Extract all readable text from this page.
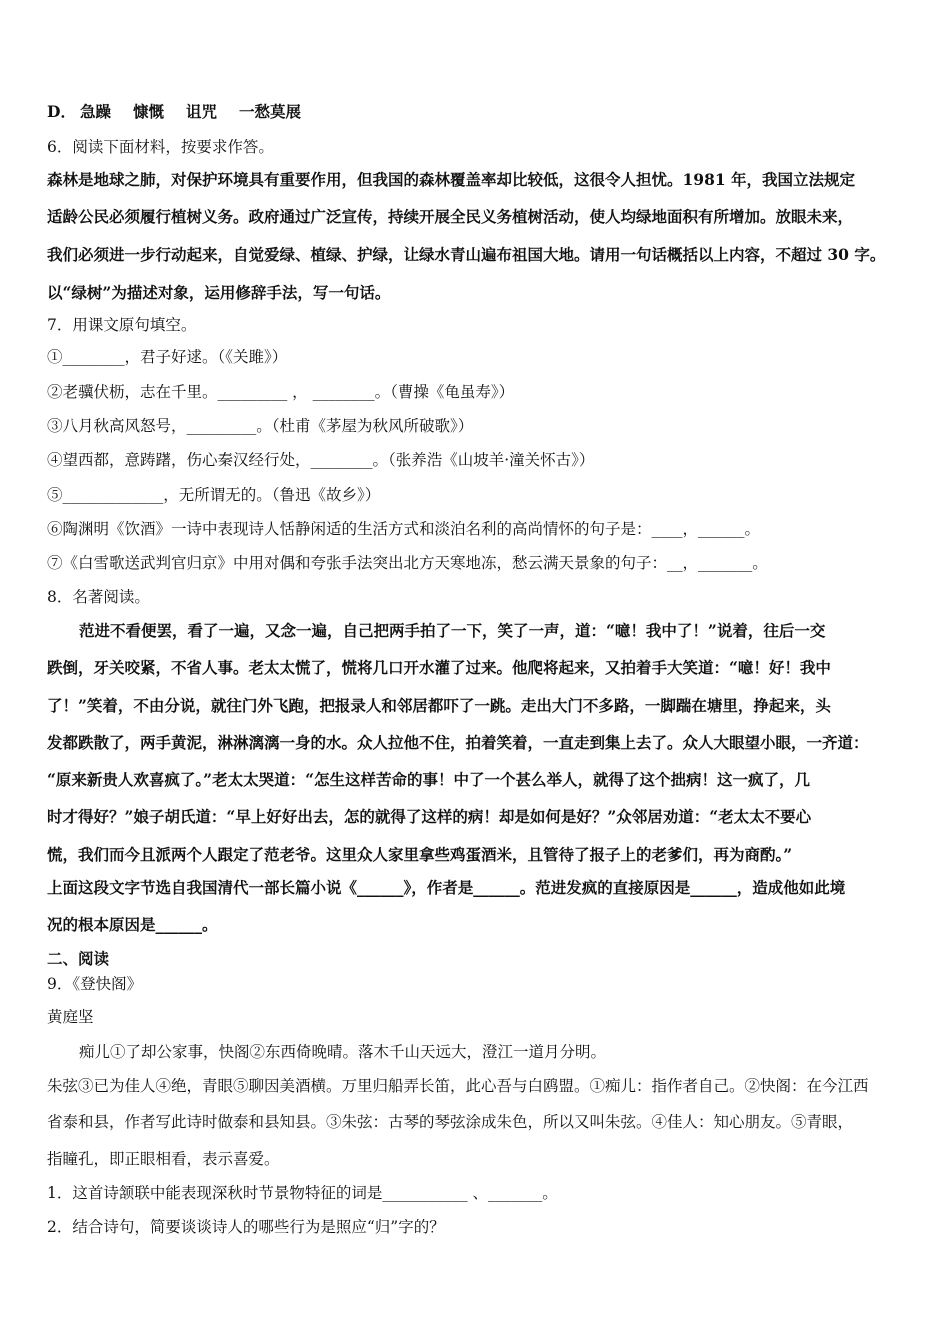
D． 急躁 慷慨 诅咒 一愁莫展
6．阅读下面材料，按要求作答。
森林是地球之肺，对保护环境具有重要作用，但我国的森林覆盖率却比较低，这很令人担忧。1981 年，我国立法规定
适龄公民必须履行植树义务。政府通过广泛宣传，持续开展全民义务植树活动，使人均绿地面积有所增加。放眼未来，
我们必须进一步行动起来，自觉爱绿、植绿、护绿，让绿水青山遍布祖国大地。请用一句话概括以上内容，不超过 30 字。
以“绿树”为描述对象，运用修辞手法，写一句话。
7．用课文原句填空。
①________，君子好逑。（《关雎》）
②老骥伏枥，志在千里。_________ ， ________。（曹操《龟虽寿》）
③八月秋高风怒号，_________。（杜甫《茅屋为秋风所破歌》）
④望西都，意踌躇，伤心秦汉经行处，________。（张养浩《山坡羊·潼关怀古》）
⑤_____________，无所谓无的。（鲁迅《故乡》）
⑥陶渊明《饮酒》一诗中表现诗人恬静闲适的生活方式和淡泊名利的高尚情怀的句子是：____，______。
⑦《白雪歌送武判官归京》中用对偶和夸张手法突出北方天寒地冻，愁云满天景象的句子：__，_______。
8．名著阅读。
范进不看便罢，看了一遍，又念一遍，自己把两手拍了一下，笑了一声，道：“噫！我中了！”说着，往后一交
跌倒，牙关咬紧，不省人事。老太太慌了，慌将几口开水灌了过来。他爬将起来，又拍着手大笑道：“噫！好！我中
了！”笑着，不由分说，就往门外飞跑，把报录人和邻居都吓了一跳。走出大门不多路，一脚踹在塘里，挣起来，头
发都跌散了，两手黄泥，淋淋漓漓一身的水。众人拉他不住，拍着笑着，一直走到集上去了。众人大眼望小眼，一齐道：
“原来新贵人欢喜疯了。”老太太哭道：“怎生这样苦命的事！中了一个甚么举人，就得了这个拙病！这一疯了，几
时才得好？”娘子胡氏道：“早上好好出去，怎的就得了这样的病！却是如何是好？”众邻居劝道：“老太太不要心
慌，我们而今且派两个人跟定了范老爷。这里众人家里拿些鸡蛋酒米，且管待了报子上的老爹们，再为商酌。”
上面这段文字节选自我国清代一部长篇小说《______》，作者是______。范进发疯的直接原因是______，造成他如此境
况的根本原因是______。
二、阅读
9．《登快阁》
黄庭坚
痴儿①了却公家事，快阁②东西倚晚晴。落木千山天远大，澄江一道月分明。
朱弦③已为佳人④绝，青眼⑤聊因美酒横。万里归船弄长笛，此心吾与白鸥盟。①痴儿：指作者自己。②快阁：在今江西
省泰和县，作者写此诗时做泰和县知县。③朱弦：古琴的琴弦涂成朱色，所以又叫朱弦。④佳人：知心朋友。⑤青眼，
指瞳孔，即正眼相看，表示喜爱。
1．这首诗颔联中能表现深秋时节景物特征的词是___________ 、_______。
2．结合诗句，简要谈谈诗人的哪些行为是照应“归”字的？
